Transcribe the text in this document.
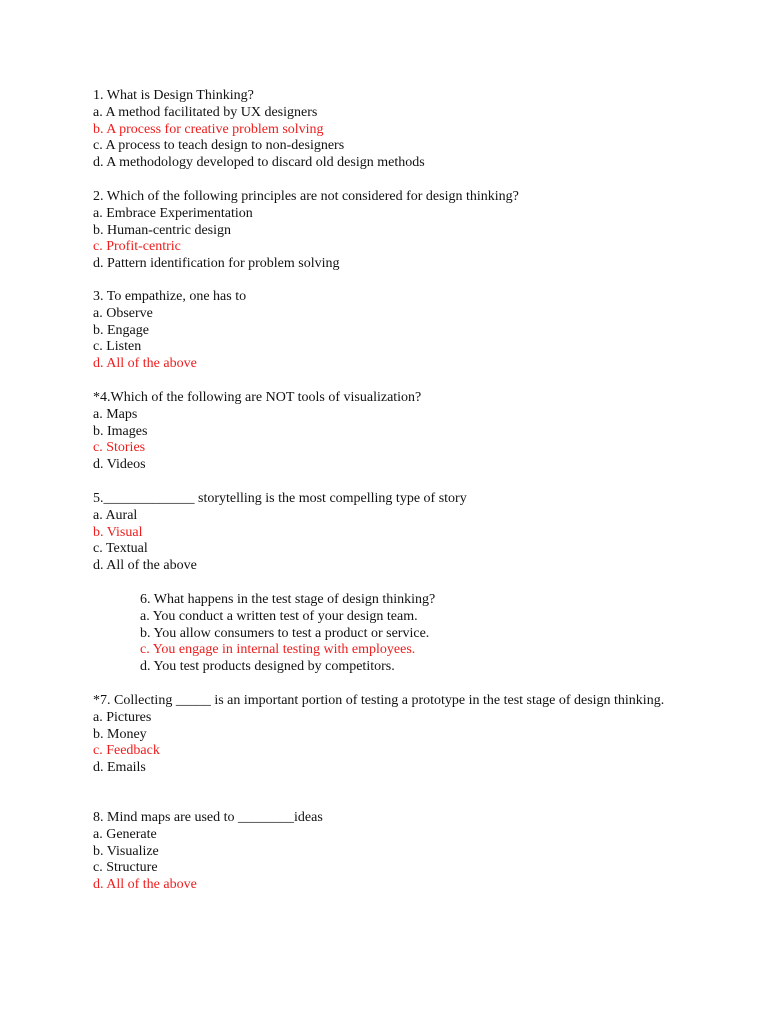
1. What is Design Thinking?
a. A method facilitated by UX designers
b. A process for creative problem solving
c. A process to teach design to non-designers
d. A methodology developed to discard old design methods
2. Which of the following principles are not considered for design thinking?
a. Embrace Experimentation
b. Human-centric design
c. Profit-centric
d. Pattern identification for problem solving
3. To empathize, one has to
a. Observe
b. Engage
c. Listen
d. All of the above
*4.Which of the following are NOT tools of visualization?
a. Maps
b. Images
c. Stories
d. Videos
5._____________ storytelling is the most compelling type of story
a. Aural
b. Visual
c. Textual
d. All of the above
6. What happens in the test stage of design thinking?
a. You conduct a written test of your design team.
b. You allow consumers to test a product or service.
c. You engage in internal testing with employees.
d. You test products designed by competitors.
*7. Collecting _____ is an important portion of testing a prototype in the test stage of design thinking.
a. Pictures
b. Money
c. Feedback
d. Emails
8. Mind maps are used to ________ideas
a. Generate
b. Visualize
c. Structure
d. All of the above
